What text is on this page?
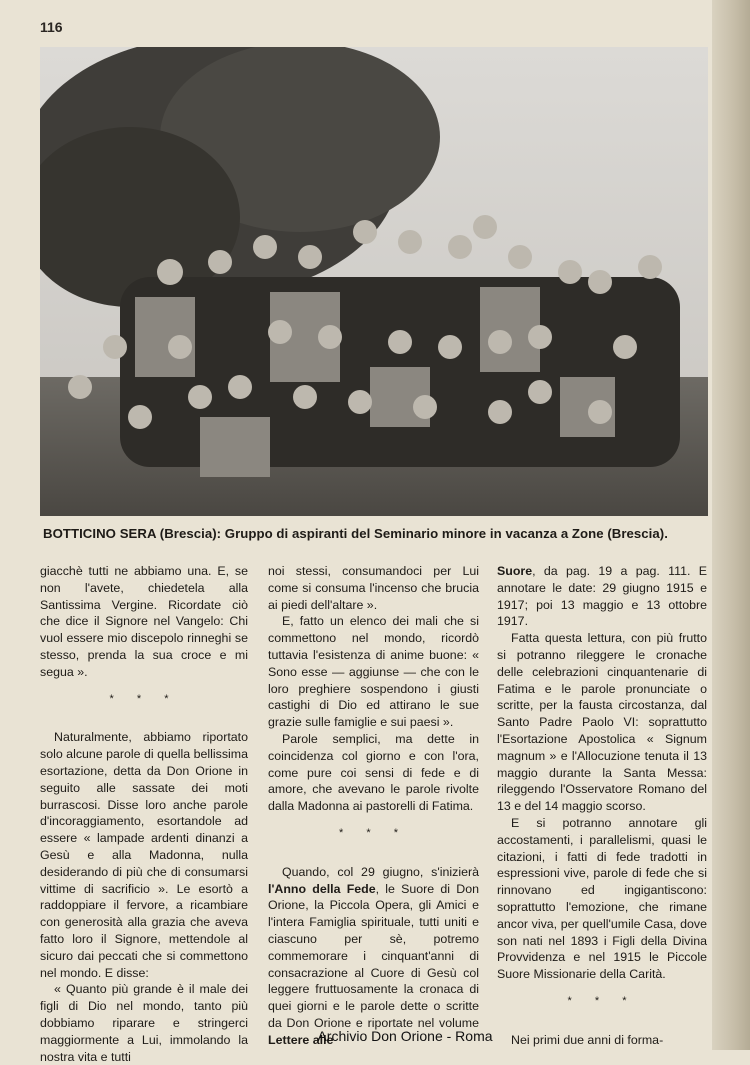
116
BOTTICINO SERA (Brescia): Gruppo di aspiranti del Seminario minore in vacanza a Zone (Brescia).

giacchè tutti ne abbiamo una. E, se non l'avete, chiedetela alla Santissima Vergine. Ricordate ciò che dice il Signore nel Vangelo: Chi vuol essere mio discepolo rinneghi se stesso, prenda la sua croce e mi segua ».

* * *

Naturalmente, abbiamo riportato solo alcune parole di quella bellissima esortazione, detta da Don Orione in seguito alle sassate dei moti burrascosi. Disse loro anche parole d'incoraggiamento, esortandole ad essere « lampade ardenti dinanzi a Gesù e alla Madonna, nulla desiderando di più che di consumarsi vittime di sacrificio ». Le esortò a raddoppiare il fervore, a ricambiare con generosità alla grazia che aveva fatto loro il Signore, mettendole al sicuro dai peccati che si commettono nel mondo. E disse:

« Quanto più grande è il male dei figli di Dio nel mondo, tanto più dobbiamo riparare e stringerci maggiormente a Lui, immolando la nostra vita e tutti

noi stessi, consumandoci per Lui come si consuma l'incenso che brucia ai piedi dell'altare ».

E, fatto un elenco dei mali che si commettono nel mondo, ricordò tuttavia l'esistenza di anime buone: « Sono esse — aggiunse — che con le loro preghiere sospendono i giusti castighi di Dio ed attirano le sue grazie sulle famiglie e sui paesi ».

Parole semplici, ma dette in coincidenza col giorno e con l'ora, come pure coi sensi di fede e di amore, che avevano le parole rivolte dalla Madonna ai pastorelli di Fatima.

* * *

Quando, col 29 giugno, s'inizierà l'Anno della Fede, le Suore di Don Orione, la Piccola Opera, gli Amici e l'intera Famiglia spirituale, tutti uniti e ciascuno per sè, potremo commemorare i cinquant'anni di consacrazione al Cuore di Gesù col leggere fruttuosamente la cronaca di quei giorni e le parole dette o scritte da Don Orione e riportate nel volume Lettere alle

Suore, da pag. 19 a pag. 111. E annotare le date: 29 giugno 1915 e 1917; poi 13 maggio e 13 ottobre 1917.

Fatta questa lettura, con più frutto si potranno rileggere le cronache delle celebrazioni cinquantenarie di Fatima e le parole pronunciate o scritte, per la fausta circostanza, dal Santo Padre Paolo VI: soprattutto l'Esortazione Apostolica « Signum magnum » e l'Allocuzione tenuta il 13 maggio durante la Santa Messa: rileggendo l'Osservatore Romano del 13 e del 14 maggio scorso.

E si potranno annotare gli accostamenti, i parallelismi, quasi le citazioni, i fatti di fede tradotti in espressioni vive, parole di fede che si rinnovano ed ingigantiscono: soprattutto l'emozione, che rimane ancor viva, per quell'umile Casa, dove son nati nel 1893 i Figli della Divina Provvidenza e nel 1915 le Piccole Suore Missionarie della Carità.

* * *

Nei primi due anni di forma-

Archivio Don Orione - Roma
